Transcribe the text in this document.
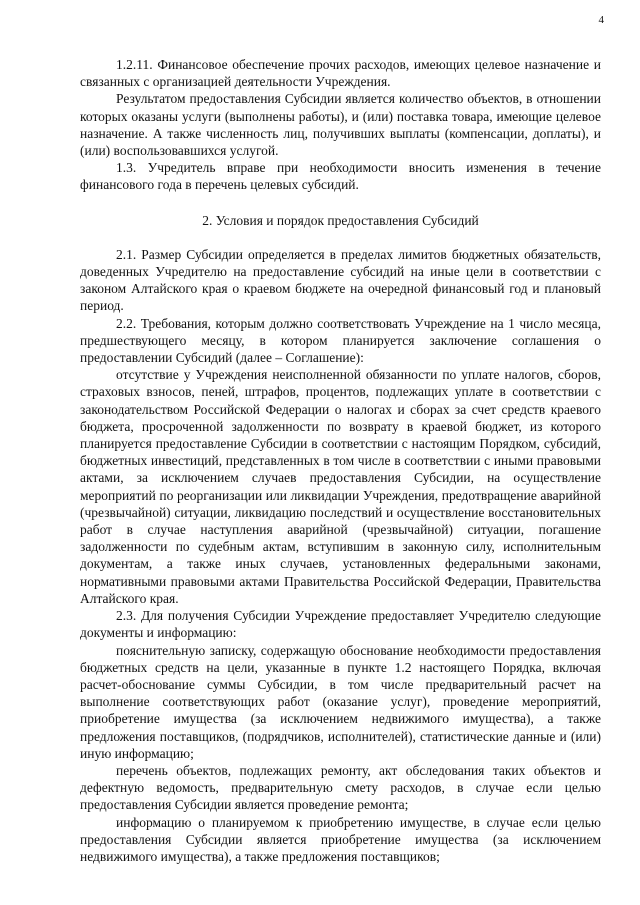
4

1.2.11. Финансовое обеспечение прочих расходов, имеющих целевое назначение и связанных с организацией деятельности Учреждения.

Результатом предоставления Субсидии является количество объектов, в отношении которых оказаны услуги (выполнены работы), и (или) поставка товара, имеющие целевое назначение. А также численность лиц, получивших выплаты (компенсации, доплаты), и (или) воспользовавшихся услугой.

1.3. Учредитель вправе при необходимости вносить изменения в течение финансового года в перечень целевых субсидий.

2. Условия и порядок предоставления Субсидий

2.1. Размер Субсидии определяется в пределах лимитов бюджетных обязательств, доведенных Учредителю на предоставление субсидий на иные цели в соответствии с законом Алтайского края о краевом бюджете на очередной финансовый год и плановый период.

2.2. Требования, которым должно соответствовать Учреждение на 1 число месяца, предшествующего месяцу, в котором планируется заключение соглашения о предоставлении Субсидий (далее – Соглашение):

отсутствие у Учреждения неисполненной обязанности по уплате налогов, сборов, страховых взносов, пеней, штрафов, процентов, подлежащих уплате в соответствии с законодательством Российской Федерации о налогах и сборах за счет средств краевого бюджета, просроченной задолженности по возврату в краевой бюджет, из которого планируется предоставление Субсидии в соответствии с настоящим Порядком, субсидий, бюджетных инвестиций, представленных в том числе в соответствии с иными правовыми актами, за исключением случаев предоставления Субсидии, на осуществление мероприятий по реорганизации или ликвидации Учреждения, предотвращение аварийной (чрезвычайной) ситуации, ликвидацию последствий и осуществление восстановительных работ в случае наступления аварийной (чрезвычайной) ситуации, погашение задолженности по судебным актам, вступившим в законную силу, исполнительным документам, а также иных случаев, установленных федеральными законами, нормативными правовыми актами Правительства Российской Федерации, Правительства Алтайского края.

2.3. Для получения Субсидии Учреждение предоставляет Учредителю следующие документы и информацию:

пояснительную записку, содержащую обоснование необходимости предоставления бюджетных средств на цели, указанные в пункте 1.2 настоящего Порядка, включая расчет-обоснование суммы Субсидии, в том числе предварительный расчет на выполнение соответствующих работ (оказание услуг), проведение мероприятий, приобретение имущества (за исключением недвижимого имущества), а также предложения поставщиков, (подрядчиков, исполнителей), статистические данные и (или) иную информацию;

перечень объектов, подлежащих ремонту, акт обследования таких объектов и дефектную ведомость, предварительную смету расходов, в случае если целью предоставления Субсидии является проведение ремонта;

информацию о планируемом к приобретению имуществе, в случае если целью предоставления Субсидии является приобретение имущества (за исключением недвижимого имущества), а также предложения поставщиков;
